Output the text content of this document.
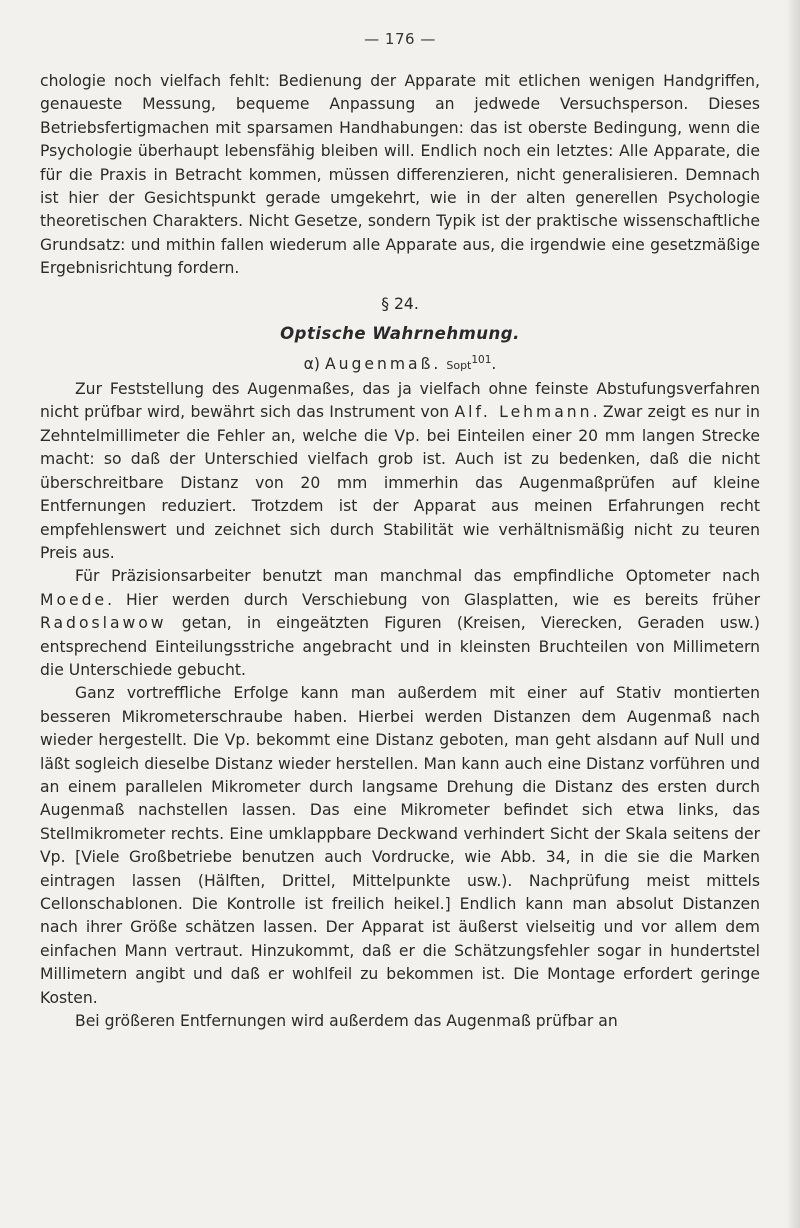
— 176 —

chologie noch vielfach fehlt: Bedienung der Apparate mit etlichen wenigen Handgriffen, genaueste Messung, bequeme Anpassung an jedwede Versuchsperson. Dieses Betriebsfertigmachen mit sparsamen Handhabungen: das ist oberste Bedingung, wenn die Psychologie überhaupt lebensfähig bleiben will. Endlich noch ein letztes: Alle Apparate, die für die Praxis in Betracht kommen, müssen differenzieren, nicht generalisieren. Demnach ist hier der Gesichtspunkt gerade umgekehrt, wie in der alten generellen Psychologie theoretischen Charakters. Nicht Gesetze, sondern Typik ist der praktische wissenschaftliche Grundsatz: und mithin fallen wiederum alle Apparate aus, die irgendwie eine gesetzmäßige Ergebnisrichtung fordern.

§ 24.
Optische Wahrnehmung.
α) Augenmaß. Sopt$^{101}$.

Zur Feststellung des Augenmaßes, das ja vielfach ohne feinste Abstufungsverfahren nicht prüfbar wird, bewährt sich das Instrument von Alf. Lehmann. Zwar zeigt es nur in Zehntelmillimeter die Fehler an, welche die Vp. bei Einteilen einer 20 mm langen Strecke macht: so daß der Unterschied vielfach grob ist. Auch ist zu bedenken, daß die nicht überschreitbare Distanz von 20 mm immerhin das Augenmaßprüfen auf kleine Entfernungen reduziert. Trotzdem ist der Apparat aus meinen Erfahrungen recht empfehlenswert und zeichnet sich durch Stabilität wie verhältnismäßig nicht zu teuren Preis aus.

Für Präzisionsarbeiter benutzt man manchmal das empfindliche Optometer nach Moede. Hier werden durch Verschiebung von Glasplatten, wie es bereits früher Radoslawow getan, in eingeätzten Figuren (Kreisen, Vierecken, Geraden usw.) entsprechend Einteilungsstriche angebracht und in kleinsten Bruchteilen von Millimetern die Unterschiede gebucht.

Ganz vortreffliche Erfolge kann man außerdem mit einer auf Stativ montierten besseren Mikrometerschraube haben. Hierbei werden Distanzen dem Augenmaß nach wieder hergestellt. Die Vp. bekommt eine Distanz geboten, man geht alsdann auf Null und läßt sogleich dieselbe Distanz wieder herstellen. Man kann auch eine Distanz vorführen und an einem parallelen Mikrometer durch langsame Drehung die Distanz des ersten durch Augenmaß nachstellen lassen. Das eine Mikrometer befindet sich etwa links, das Stellmikrometer rechts. Eine umklappbare Deckwand verhindert Sicht der Skala seitens der Vp. [Viele Großbetriebe benutzen auch Vordrucke, wie Abb. 34, in die sie die Marken eintragen lassen (Hälften, Drittel, Mittelpunkte usw.). Nachprüfung meist mittels Cellonschablonen. Die Kontrolle ist freilich heikel.] Endlich kann man absolut Distanzen nach ihrer Größe schätzen lassen. Der Apparat ist äußerst vielseitig und vor allem dem einfachen Mann vertraut. Hinzukommt, daß er die Schätzungsfehler sogar in hundertstel Millimetern angibt und daß er wohlfeil zu bekommen ist. Die Montage erfordert geringe Kosten.

Bei größeren Entfernungen wird außerdem das Augenmaß prüfbar an
